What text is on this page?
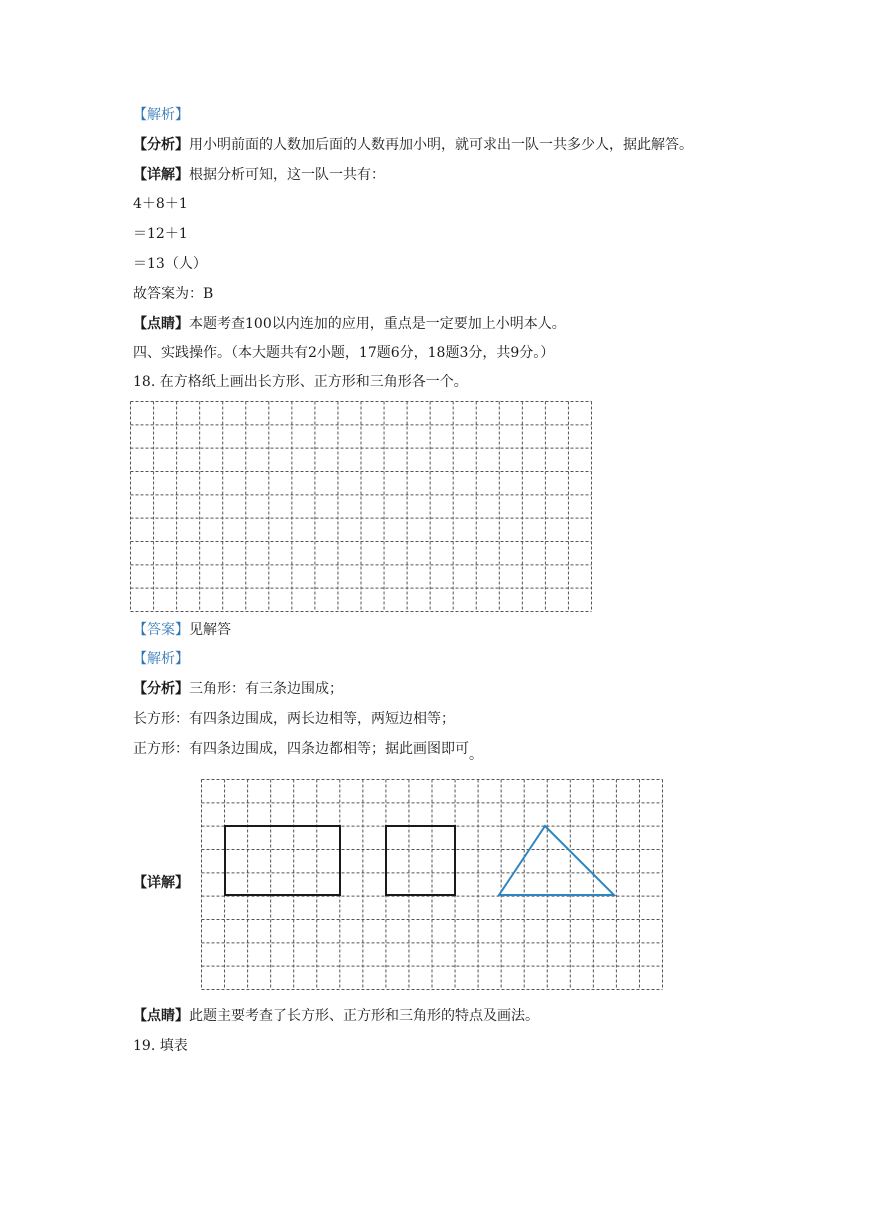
【解析】
【分析】用小明前面的人数加后面的人数再加小明，就可求出一队一共多少人，据此解答。
【详解】根据分析可知，这一队一共有：
4＋8＋1
＝12＋1
＝13（人）
故答案为：B
【点睛】本题考查100以内连加的应用，重点是一定要加上小明本人。
四、实践操作。（本大题共有2小题，17题6分，18题3分，共9分。）
18. 在方格纸上画出长方形、正方形和三角形各一个。
【答案】见解答
【解析】
【分析】三角形：有三条边围成；
长方形：有四条边围成，两长边相等，两短边相等；
正方形：有四条边围成，四条边都相等；据此画图即可。
【详解】
【点睛】此题主要考查了长方形、正方形和三角形的特点及画法。
19. 填表
